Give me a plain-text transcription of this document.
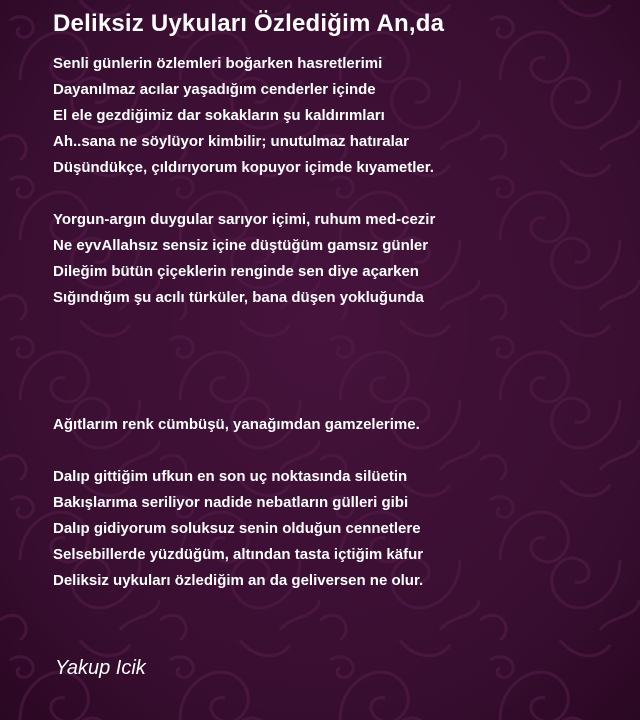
Deliksiz Uykuları Özlediğim An,da
Senli günlerin özlemleri boğarken hasretlerimi
Dayanılmaz acılar yaşadığım cenderler içinde
El ele gezdiğimiz dar sokakların şu kaldırımları
Ah..sana ne söylüyor kimbilir; unutulmaz hatıralar
Düşündükçe, çıldırıyorum kopuyor içimde kıyametler.
Yorgun-argın duygular sarıyor içimi, ruhum med-cezir
Ne eyvAllahsız sensiz içine düştüğüm gamsız günler
Dileğim bütün çiçeklerin renginde sen diye açarken
Sığındığım şu acılı türküler, bana düşen yokluğunda
Ağıtlarım renk cümbüşü, yanağımdan gamzelerime.
Dalıp gittiğim ufkun en son uç noktasında silüetin
Bakışlarıma seriliyor nadide nebatların gülleri gibi
Dalıp gidiyorum soluksuz senin olduğun cennetlere
Selsebillerde yüzdüğüm, altından tasta içtiğim käfur
Deliksiz uykuları özlediğim an da geliversen ne olur.
Yakup Icik
